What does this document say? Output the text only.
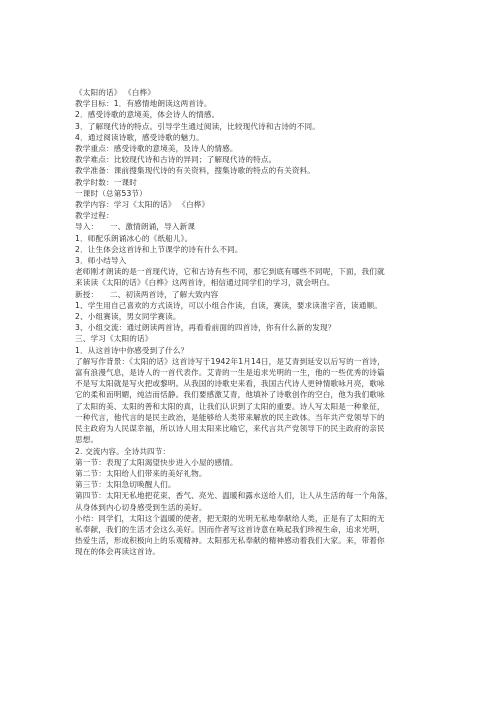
《太阳的话》 《白桦》
教学目标：1．有感情地朗读这两首诗。
2．感受诗歌的意境美，体会诗人的情感。
3．了解现代诗的特点。引导学生通过阅读，比较现代诗和古诗的不同。
4．通过阅读诗歌，感受诗歌的魅力。
教学重点：感受诗歌的意境美，及诗人的情感。
教学难点：比较现代诗和古诗的异同；了解现代诗的特点。
教学准备：课前搜集现代诗的有关资料，搜集诗歌的特点的有关资料。
教学时数：一课时
一课时（总第53节）
教学内容：学习《太阳的话》 《白桦》
教学过程：
导入：　　一、激情朗诵，导入新课
1．师配乐朗诵冰心的《纸船儿》。
2．让生体会这首诗和上节课学的诗有什么不同。
3．师小结导入
老师刚才朗读的是一首现代诗，它和古诗有些不同，那它到底有哪些不同呢，下面，我们就
来读读《太阳的话》《白桦》这两首诗，相信通过同学们的学习，就会明白。
新授：　　二、初读两首诗，了解大致内容
1、学生用自己喜欢的方式读诗，可以小组合作读，自读，赛读，要求读准字音，读通顺。
2、小组赛读，男女同学赛读。
3、小组交流：通过朗读两首诗，再看看前面的四首诗，你有什么新的发现？
三、学习《太阳的话》
1．从这首诗中你感受到了什么？
了解写作背景：《太阳的话》这首诗写于1942年1月14日，是艾青到延安以后写的一首诗，
富有浪漫气息，是诗人的一首代表作。艾青的一生是追求光明的一生，他的一些优秀的诗篇
不是写太阳就是写火把或黎明。从我国的诗歌史来看，我国古代诗人更钟情歌咏月亮，歌咏
它的柔和而明媚，纯洁而恬静。我们要感激艾青，他填补了诗歌创作的空白，他为我们歌咏
了太阳的美、太阳的善和太阳的真，让我们认识到了太阳的重要。诗人写太阳是一种象征，
一种代言，他代言的是民主政治，是能够给人类带来解放的民主政体。当年共产党领导下的
民主政府为人民谋幸福，所以诗人用太阳来比喻它，来代言共产党领导下的民主政府的亲民
思想。
2. 交流内容。全诗共四节：
第一节：表现了太阳渴望快步进入小屋的感情。
第二节：太阳给人们带来的美好礼物。
第三节：太阳急切唤醒人们。
第四节：太阳无私地把花束、香气、亮光、温暖和露水送给人们，让人从生活的每一个角落，
从身体到内心切身感受到生活的美好。
小结：同学们，太阳这个温暖的使者，把无限的光明无私地奉献给人类，正是有了太阳的无
私奉献，我们的生活才会这么美好。因而作者写这首诗意在唤起我们珍视生命，追求光明，
热爱生活，形成积极向上的乐观精神。太阳那无私奉献的精神感动着我们大家。来，带着你
现在的体会再读这首诗。
